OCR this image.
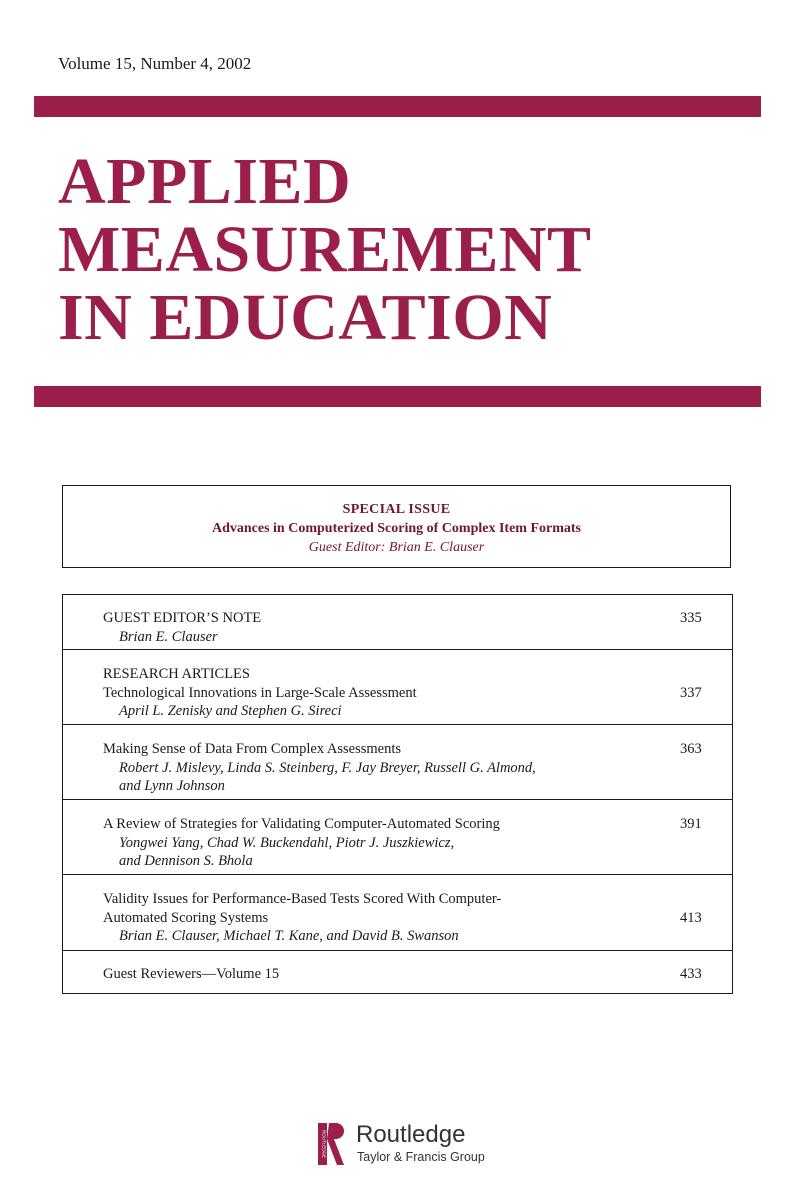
Volume 15, Number 4, 2002
APPLIED
MEASUREMENT
IN EDUCATION
SPECIAL ISSUE
Advances in Computerized Scoring of Complex Item Formats
Guest Editor: Brian E. Clauser
GUEST EDITOR’S NOTE
Brian E. Clauser
335
RESEARCH ARTICLES
Technological Innovations in Large-Scale Assessment
April L. Zenisky and Stephen G. Sireci
337
Making Sense of Data From Complex Assessments
Robert J. Mislevy, Linda S. Steinberg, F. Jay Breyer, Russell G. Almond,
and Lynn Johnson
363
A Review of Strategies for Validating Computer-Automated Scoring
Yongwei Yang, Chad W. Buckendahl, Piotr J. Juszkiewicz,
and Dennison S. Bhola
391
Validity Issues for Performance-Based Tests Scored With Computer-
Automated Scoring Systems
Brian E. Clauser, Michael T. Kane, and David B. Swanson
413
Guest Reviewers—Volume 15	433
ROUTLEDGE Routledge
Taylor & Francis Group
